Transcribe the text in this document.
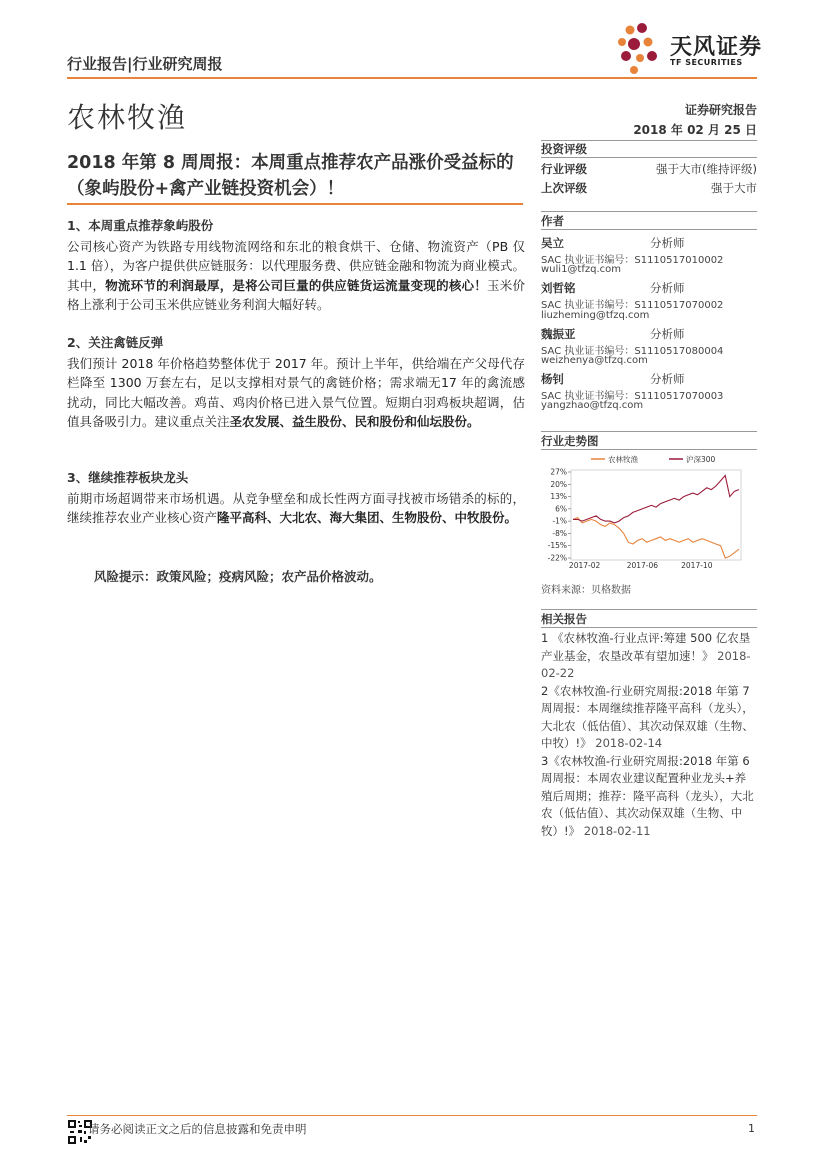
行业报告|行业研究周报
天风证券
TF SECURITIES
农林牧渔	证券研究报告
2018 年 02 月 25 日
2018 年第 8 周周报：本周重点推荐农产品涨价受益标的（象屿股份+禽产业链投资机会）！
1、本周重点推荐象屿股份

公司核心资产为铁路专用线物流网络和东北的粮食烘干、仓储、物流资产（PB 仅 1.1 倍），为客户提供供应链服务：以代理服务费、供应链金融和物流为商业模式。其中，物流环节的利润最厚，是将公司巨量的供应链货运流量变现的核心！玉米价格上涨利于公司玉米供应链业务利润大幅好转。

2、关注禽链反弹

我们预计 2018 年价格趋势整体优于 2017 年。预计上半年，供给端在产父母代存栏降至 1300 万套左右，足以支撑相对景气的禽链价格；需求端无17 年的禽流感扰动，同比大幅改善。鸡苗、鸡肉价格已进入景气位置。短期白羽鸡板块超调，估值具备吸引力。建议重点关注圣农发展、益生股份、民和股份和仙坛股份。

3、继续推荐板块龙头

前期市场超调带来市场机遇。从竞争壁垒和成长性两方面寻找被市场错杀的标的，继续推荐农业产业核心资产隆平高科、大北农、海大集团、生物股份、中牧股份。

风险提示：政策风险；疫病风险；农产品价格波动。
投资评级
行业评级	强于大市(维持评级)
上次评级	强于大市
作者
吴立	分析师
SAC 执业证书编号：S1110517010002
wuli1@tfzq.com
刘哲铭	分析师
SAC 执业证书编号：S1110517070002
liuzheming@tfzq.com
魏振亚	分析师
SAC 执业证书编号：S1110517080004
weizhenya@tfzq.com
杨钊	分析师
SAC 执业证书编号：S1110517070003
yangzhao@tfzq.com
行业走势图
农林牧渔	沪深300
27%
20%
13%
6%
-1%
-8%
-15%
-22%
2017-02	2017-06	2017-10
资料来源：贝格数据
相关报告

1 《农林牧渔-行业点评:筹建 500 亿农垦产业基金，农垦改革有望加速！》 2018-02-22

2《农林牧渔-行业研究周报:2018 年第 7 周周报：本周继续推荐隆平高科（龙头），大北农（低估值）、其次动保双雄（生物、中牧）!》 2018-02-14

3《农林牧渔-行业研究周报:2018 年第 6 周周报：本周农业建议配置种业龙头+养殖后周期；推荐：隆平高科（龙头），大北农（低估值）、其次动保双雄（生物、中牧）!》 2018-02-11

请务必阅读正文之后的信息披露和免责申明	1
